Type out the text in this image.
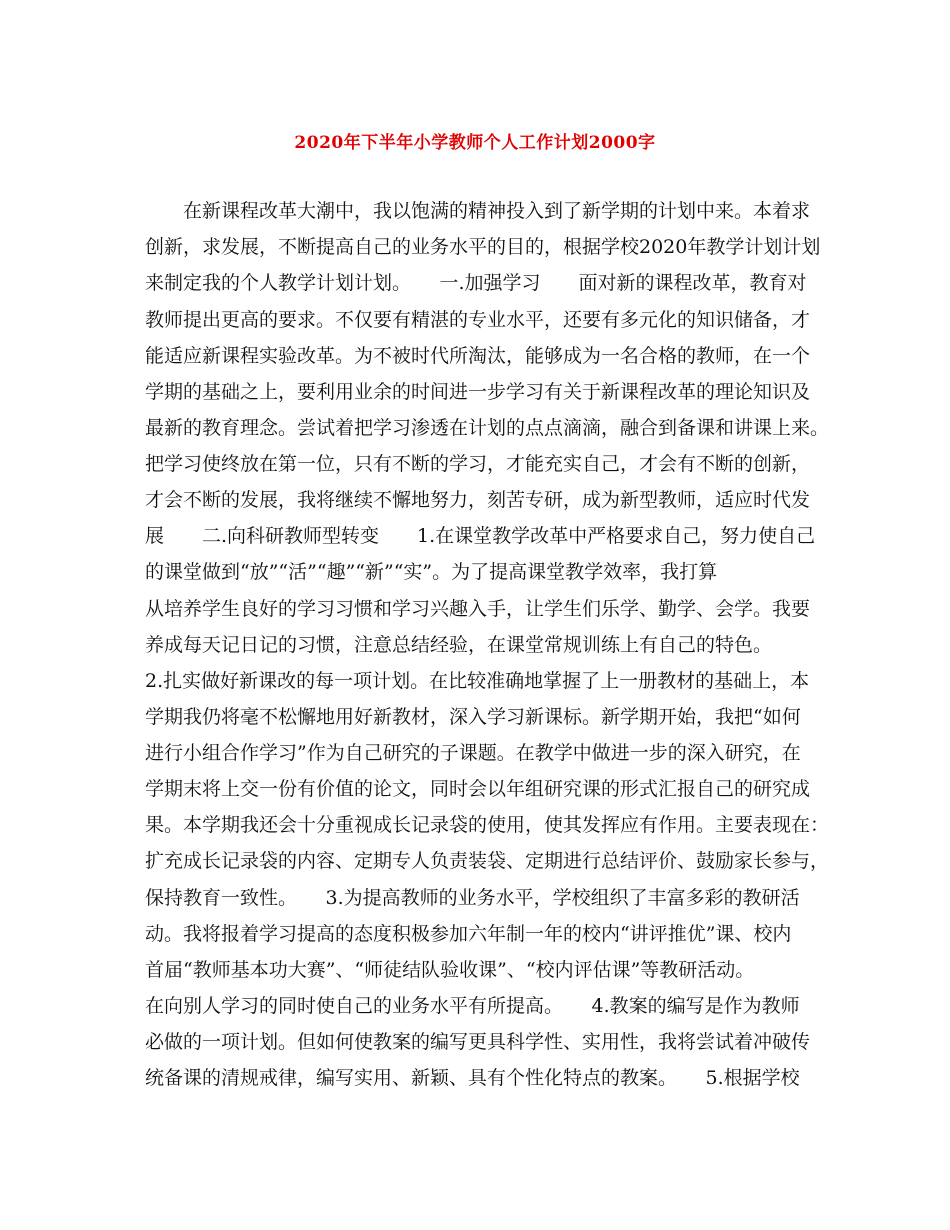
2020年下半年小学教师个人工作计划2000字
　　在新课程改革大潮中，我以饱满的精神投入到了新学期的计划中来。本着求
创新，求发展，不断提高自己的业务水平的目的，根据学校2020年教学计划计划
来制定我的个人教学计划计划。　　一.加强学习　　面对新的课程改革，教育对
教师提出更高的要求。不仅要有精湛的专业水平，还要有多元化的知识储备，才
能适应新课程实验改革。为不被时代所淘汰，能够成为一名合格的教师，在一个
学期的基础之上，要利用业余的时间进一步学习有关于新课程改革的理论知识及
最新的教育理念。尝试着把学习渗透在计划的点点滴滴，融合到备课和讲课上来。
把学习使终放在第一位，只有不断的学习，才能充实自己，才会有不断的创新，
才会不断的发展，我将继续不懈地努力，刻苦专研，成为新型教师，适应时代发
展　　二.向科研教师型转变　　1.在课堂教学改革中严格要求自己，努力使自己
的课堂做到“放”“活”“趣”“新”“实”。为了提高课堂教学效率，我打算
从培养学生良好的学习习惯和学习兴趣入手，让学生们乐学、勤学、会学。我要
养成每天记日记的习惯，注意总结经验，在课堂常规训练上有自己的特色。
2.扎实做好新课改的每一项计划。在比较准确地掌握了上一册教材的基础上，本
学期我仍将毫不松懈地用好新教材，深入学习新课标。新学期开始，我把“如何
进行小组合作学习”作为自己研究的子课题。在教学中做进一步的深入研究，在
学期末将上交一份有价值的论文，同时会以年组研究课的形式汇报自己的研究成
果。本学期我还会十分重视成长记录袋的使用，使其发挥应有作用。主要表现在：
扩充成长记录袋的内容、定期专人负责装袋、定期进行总结评价、鼓励家长参与，
保持教育一致性。　　3.为提高教师的业务水平，学校组织了丰富多彩的教研活
动。我将报着学习提高的态度积极参加六年制一年的校内“讲评推优”课、校内
首届“教师基本功大赛”、“师徒结队验收课”、“校内评估课”等教研活动。
在向别人学习的同时使自己的业务水平有所提高。　　4.教案的编写是作为教师
必做的一项计划。但如何使教案的编写更具科学性、实用性，我将尝试着冲破传
统备课的清规戒律，编写实用、新颖、具有个性化特点的教案。　　5.根据学校
